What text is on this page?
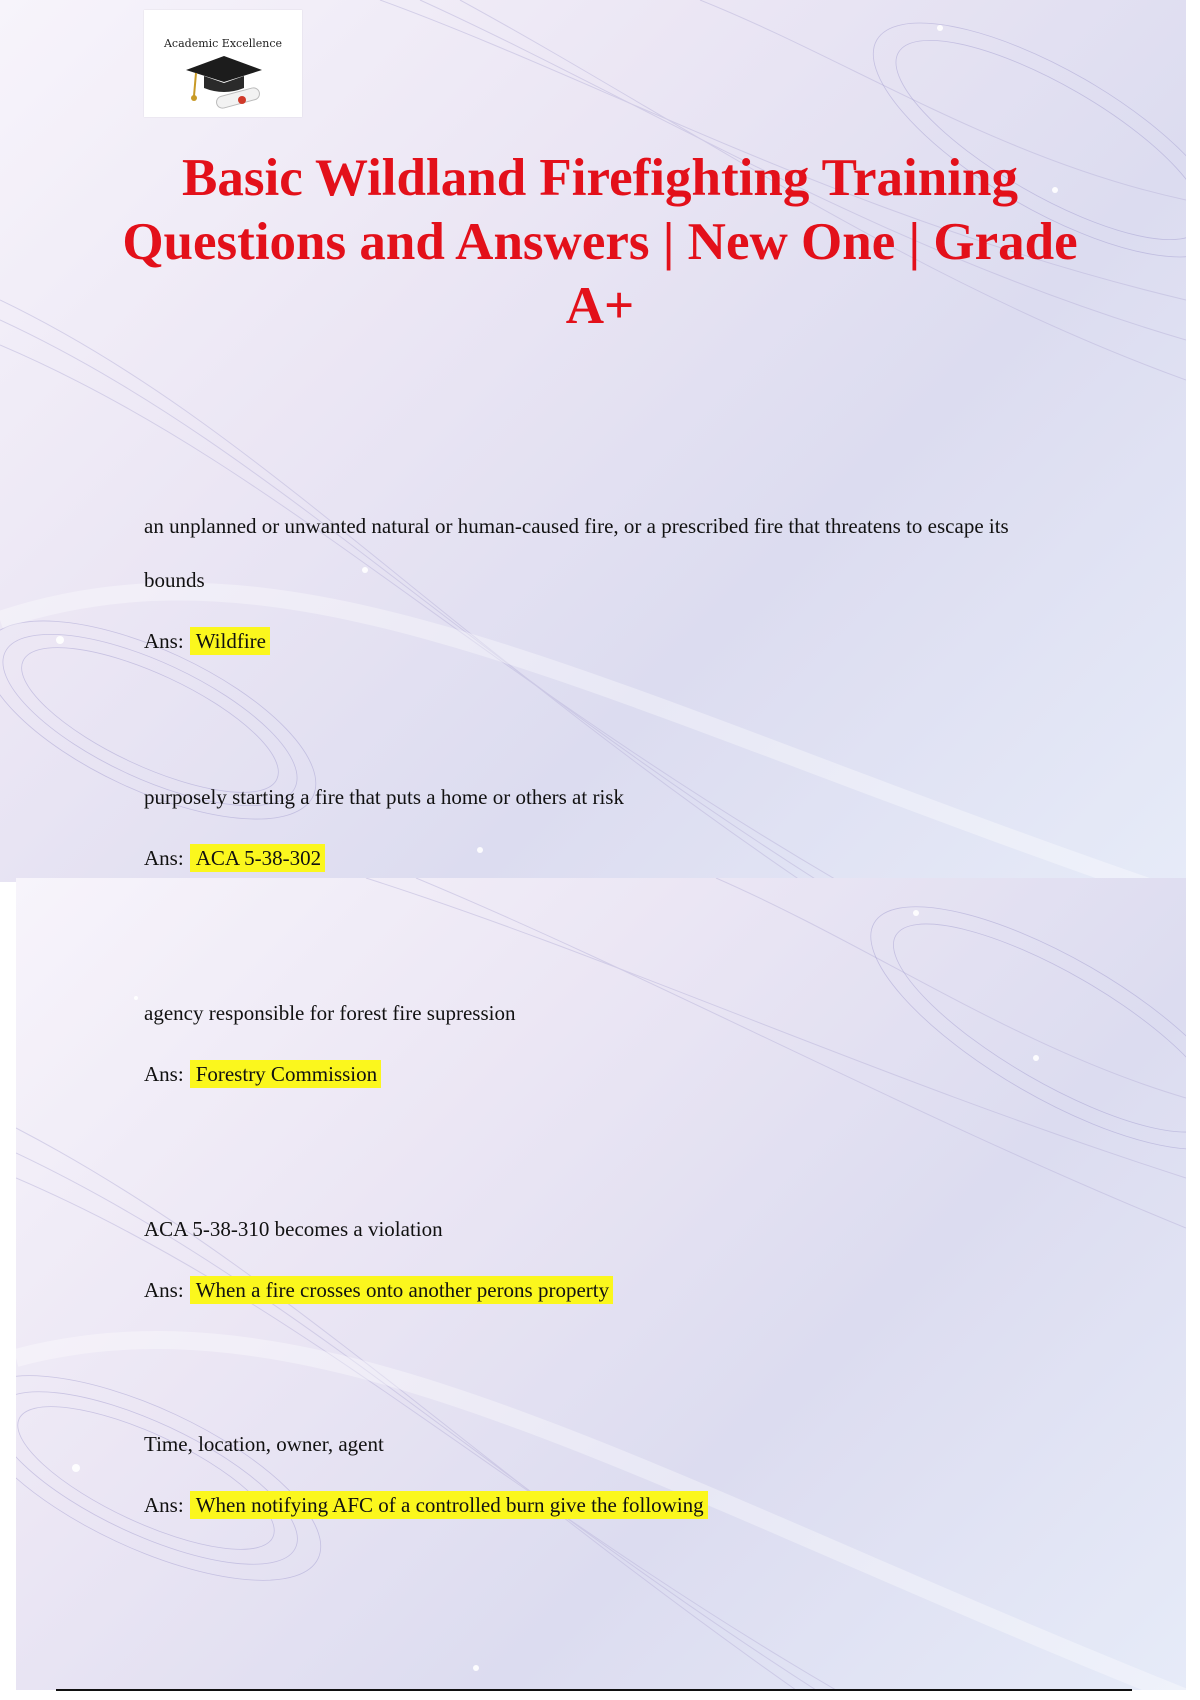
Academic Excellence
Basic Wildland Firefighting Training Questions and Answers | New One | Grade A+

an unplanned or unwanted natural or human-caused fire, or a prescribed fire that threatens to escape its bounds

Ans: Wildfire

purposely starting a fire that puts a home or others at risk

Ans: ACA 5-38-302

agency responsible for forest fire supression

Ans: Forestry Commission

ACA 5-38-310 becomes a violation

Ans: When a fire crosses onto another perons property

Time, location, owner, agent

Ans: When notifying AFC of a controlled burn give the following
